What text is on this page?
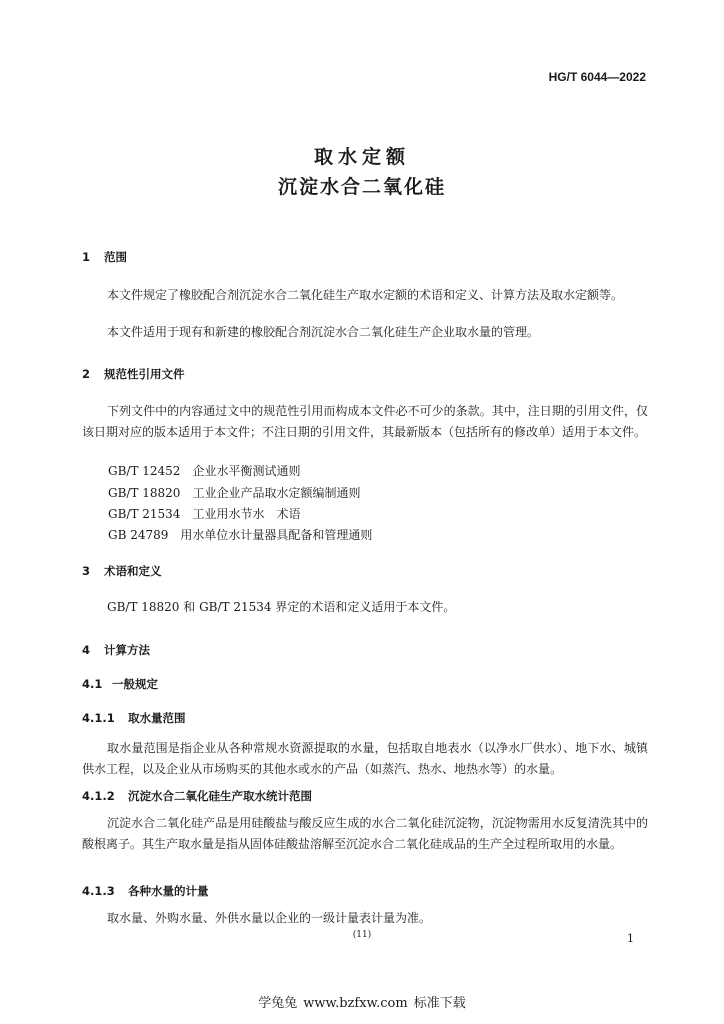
HG/T 6044—2022
取水定额
沉淀水合二氧化硅
1 范围
本文件规定了橡胶配合剂沉淀水合二氧化硅生产取水定额的术语和定义、计算方法及取水定额等。
本文件适用于现有和新建的橡胶配合剂沉淀水合二氧化硅生产企业取水量的管理。
2 规范性引用文件
下列文件中的内容通过文中的规范性引用而构成本文件必不可少的条款。其中，注日期的引用文件，仅该日期对应的版本适用于本文件；不注日期的引用文件，其最新版本（包括所有的修改单）适用于本文件。
GB/T 12452 企业水平衡测试通则
GB/T 18820 工业企业产品取水定额编制通则
GB/T 21534 工业用水节水　术语
GB 24789 用水单位水计量器具配备和管理通则
3 术语和定义
GB/T 18820 和 GB/T 21534 界定的术语和定义适用于本文件。
4 计算方法
4.1 一般规定
4.1.1 取水量范围
取水量范围是指企业从各种常规水资源提取的水量，包括取自地表水（以净水厂供水）、地下水、城镇供水工程，以及企业从市场购买的其他水或水的产品（如蒸汽、热水、地热水等）的水量。
4.1.2 沉淀水合二氧化硅生产取水统计范围
沉淀水合二氧化硅产品是用硅酸盐与酸反应生成的水合二氧化硅沉淀物，沉淀物需用水反复清洗其中的酸根离子。其生产取水量是指从固体硅酸盐溶解至沉淀水合二氧化硅成品的生产全过程所取用的水量。
4.1.3 各种水量的计量
取水量、外购水量、外供水量以企业的一级计量表计量为准。
(11)	1
学兔兔 www.bzfxw.com 标准下载
